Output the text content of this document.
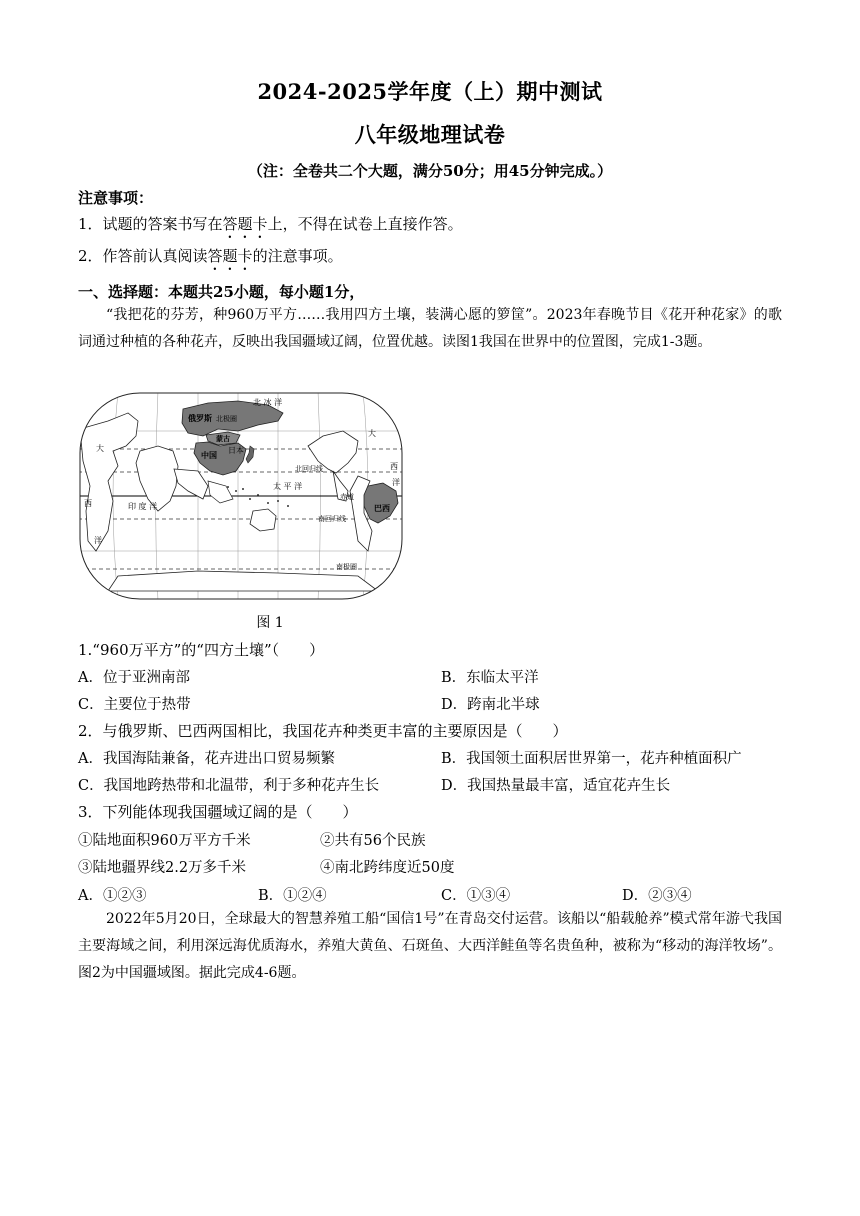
2024-2025学年度（上）期中测试
八年级地理试卷
（注：全卷共二个大题，满分50分；用45分钟完成。）
注意事项：
1．试题的答案书写在答题卡上，不得在试卷上直接作答。
2．作答前认真阅读答题卡的注意事项。
一、选择题：本题共25小题，每小题1分，
“我把花的芬芳，种960万平方……我用四方土壤，装满心愿的箩筐”。2023年春晚节目《花开种花家》的歌词通过种植的各种花卉，反映出我国疆域辽阔，位置优越。读图1我国在世界中的位置图，完成1-3题。
北 冰 洋
俄罗斯 北极圈
蒙古
中国
日本
北回归线
太 平 洋
赤道
印 度 洋	巴西
南回归线
南极圈
大
西
洋
大
西
洋
图 1
1.“960万平方”的“四方土壤”（　　）
A．位于亚洲南部	B．东临太平洋
C．主要位于热带	D．跨南北半球
2．与俄罗斯、巴西两国相比，我国花卉种类更丰富的主要原因是（　　）
A．我国海陆兼备，花卉进出口贸易频繁	B．我国领土面积居世界第一，花卉种植面积广
C．我国地跨热带和北温带，利于多种花卉生长	D．我国热量最丰富，适宜花卉生长
3．下列能体现我国疆域辽阔的是（　　）
①陆地面积960万平方千米	②共有56个民族
③陆地疆界线2.2万多千米	④南北跨纬度近50度
A．①②③	B．①②④	C．①③④	D．②③④
2022年5月20日，全球最大的智慧养殖工船“国信1号”在青岛交付运营。该船以“船载舱养”模式常年游弋我国主要海域之间，利用深远海优质海水，养殖大黄鱼、石斑鱼、大西洋鲑鱼等名贵鱼种，被称为“移动的海洋牧场”。图2为中国疆域图。据此完成4-6题。
